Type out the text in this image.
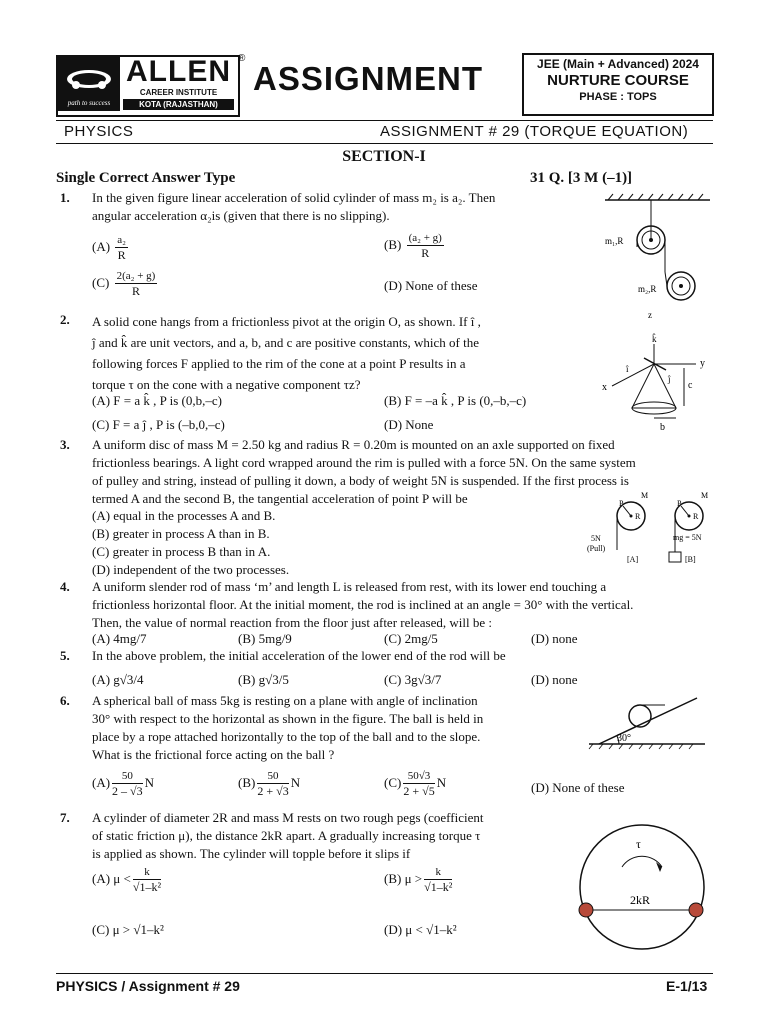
path to success
ALLEN
CAREER INSTITUTE
KOTA (RAJASTHAN)
®
ASSIGNMENT	JEE (Main + Advanced) 2024
NURTURE COURSE
PHASE : TOPS
PHYSICS	ASSIGNMENT # 29 (TORQUE EQUATION)
SECTION-I
Single Correct Answer Type	31 Q. [3 M (–1)]
1. In the given figure linear acceleration of solid cylinder of mass m₂ is a₂. Then
angular acceleration α₂is (given that there is no slipping).
$(A) \frac{\text{a₂}}{R}$	$(B) \frac{\text{(a₂ + g)}}{R}$
$(C) \frac{\text{2(a₂ + g)}}{R}$	(D) None of these
m₁,R
m₂,R
2. A solid cone hangs from a frictionless pivot at the origin O, as shown. If î ,
ĵ and k̂ are unit vectors, and a, b, and c are positive constants, which of the
following forces F applied to the rim of the cone at a point P results in a
torque τ on the cone with a negative component τz?
(A) F = a k̂ , P is (0,b,–c)	(B) F = –a k̂ , P is (0,–b,–c)
(C) F = a ĵ , P is (–b,0,–c)	(D) None
z
k̂
y
x
î
ĵ
c
b
3. A uniform disc of mass M = 2.50 kg and radius R = 0.20m is mounted on an axle supported on fixed
frictionless bearings. A light cord wrapped around the rim is pulled with a force 5N. On the same system
of pulley and string, instead of pulling it down, a body of weight 5N is suspended. If the first process is
termed A and the second B, the tangential acceleration of point P will be
(A) equal in the processes A and B.
(B) greater in process A than in B.
(C) greater in process B than in A.
(D) independent of the two processes.
M
P
R
5N
(Pull)
[A]
M
P
R
mg = 5N
[B]
4. A uniform slender rod of mass ‘m’ and length L is released from rest, with its lower end touching a
frictionless horizontal floor. At the initial moment, the rod is inclined at an angle = 30° with the vertical.
Then, the value of normal reaction from the floor just after released, will be :
(A) 4mg/7	(B) 5mg/9	(C) 2mg/5	(D) none
5. In the above problem, the initial acceleration of the lower end of the rod will be
(A) g√3/4	(B) g√3/5	(C) 3g√3/7	(D) none
6. A spherical ball of mass 5kg is resting on a plane with angle of inclination
30° with respect to the horizontal as shown in the figure. The ball is held in
place by a rope attached horizontally to the top of the ball and to the slope.
What is the frictional force acting on the ball ?
$(A) \frac{50}{2 - √3}$ N	$(B) \frac{50}{2 + √3}$ N	$(C) \frac{50√3}{2 + √5}$ N	(D) None of these
30°
7. A cylinder of diameter 2R and mass M rests on two rough pegs (coefficient
of static friction μ), the distance 2kR apart. A gradually increasing torque τ
is applied as shown. The cylinder will topple before it slips if
(A) $\mu < \frac{k}{\text{√1–k²}}$	(B) $\mu > \frac{k}{\text{√1–k²}}$
(C) μ > √1–k²	(D) μ < √1–k²
τ
2kR
PHYSICS / Assignment # 29	E-1/13
